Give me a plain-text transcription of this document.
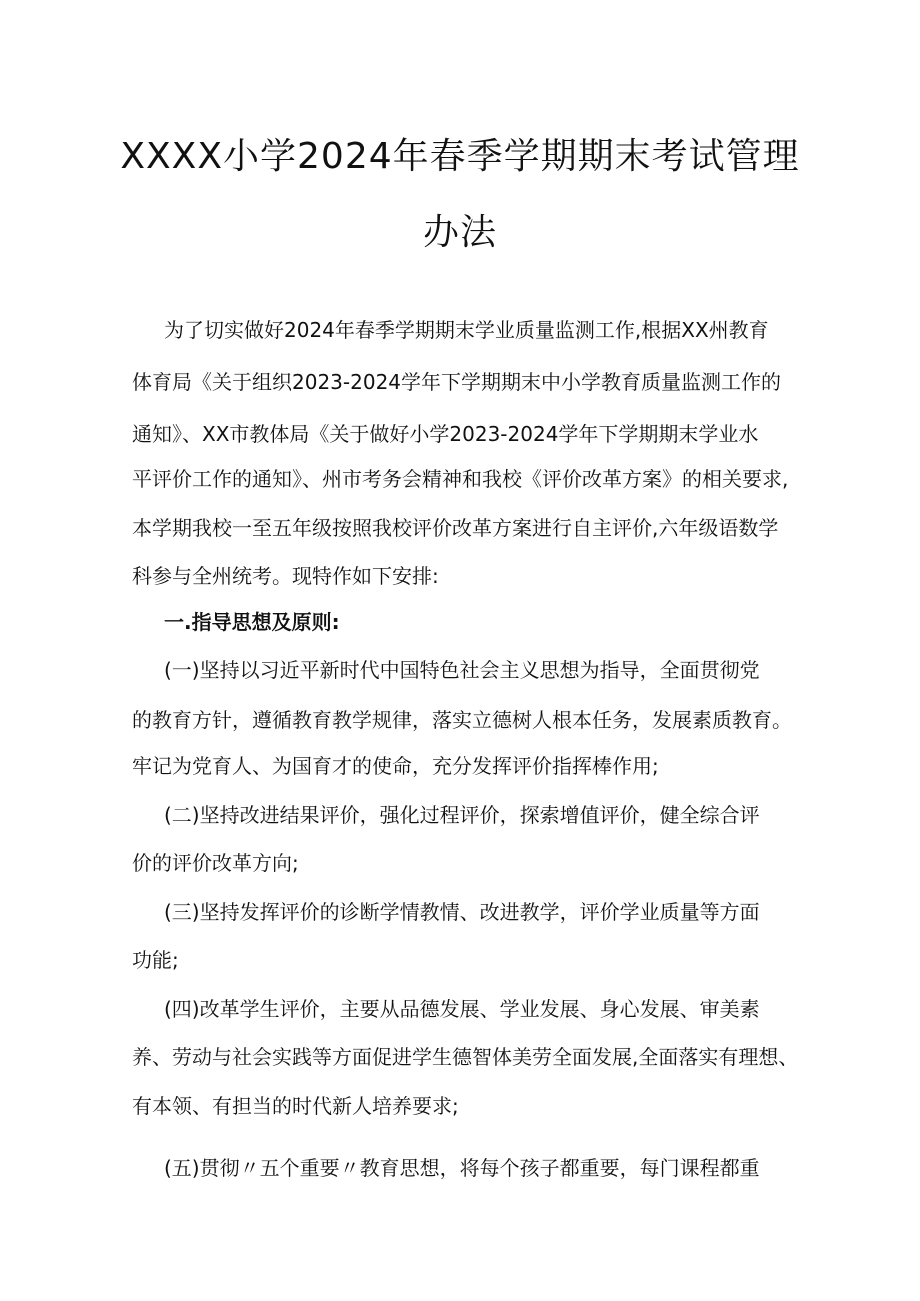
XXXX小学2024年春季学期期末考试管理
办法
为了切实做好2024年春季学期期末学业质量监测工作,根据XX州教育
体育局《关于组织2023-2024学年下学期期末中小学教育质量监测工作的
通知》、XX市教体局《关于做好小学2023-2024学年下学期期末学业水
平评价工作的通知》、州市考务会精神和我校《评价改革方案》的相关要求,
本学期我校一至五年级按照我校评价改革方案进行自主评价,六年级语数学
科参与全州统考。现特作如下安排:
一.指导思想及原则:
(一)坚持以习近平新时代中国特色社会主义思想为指导，全面贯彻党
的教育方针，遵循教育教学规律，落实立德树人根本任务，发展素质教育。
牢记为党育人、为国育才的使命，充分发挥评价指挥棒作用;
(二)坚持改进结果评价，强化过程评价，探索增值评价，健全综合评
价的评价改革方向;
(三)坚持发挥评价的诊断学情教情、改进教学，评价学业质量等方面
功能;
(四)改革学生评价，主要从品德发展、学业发展、身心发展、审美素
养、劳动与社会实践等方面促进学生德智体美劳全面发展,全面落实有理想、
有本领、有担当的时代新人培养要求;
(五)贯彻〃五个重要〃教育思想，将每个孩子都重要，每门课程都重
